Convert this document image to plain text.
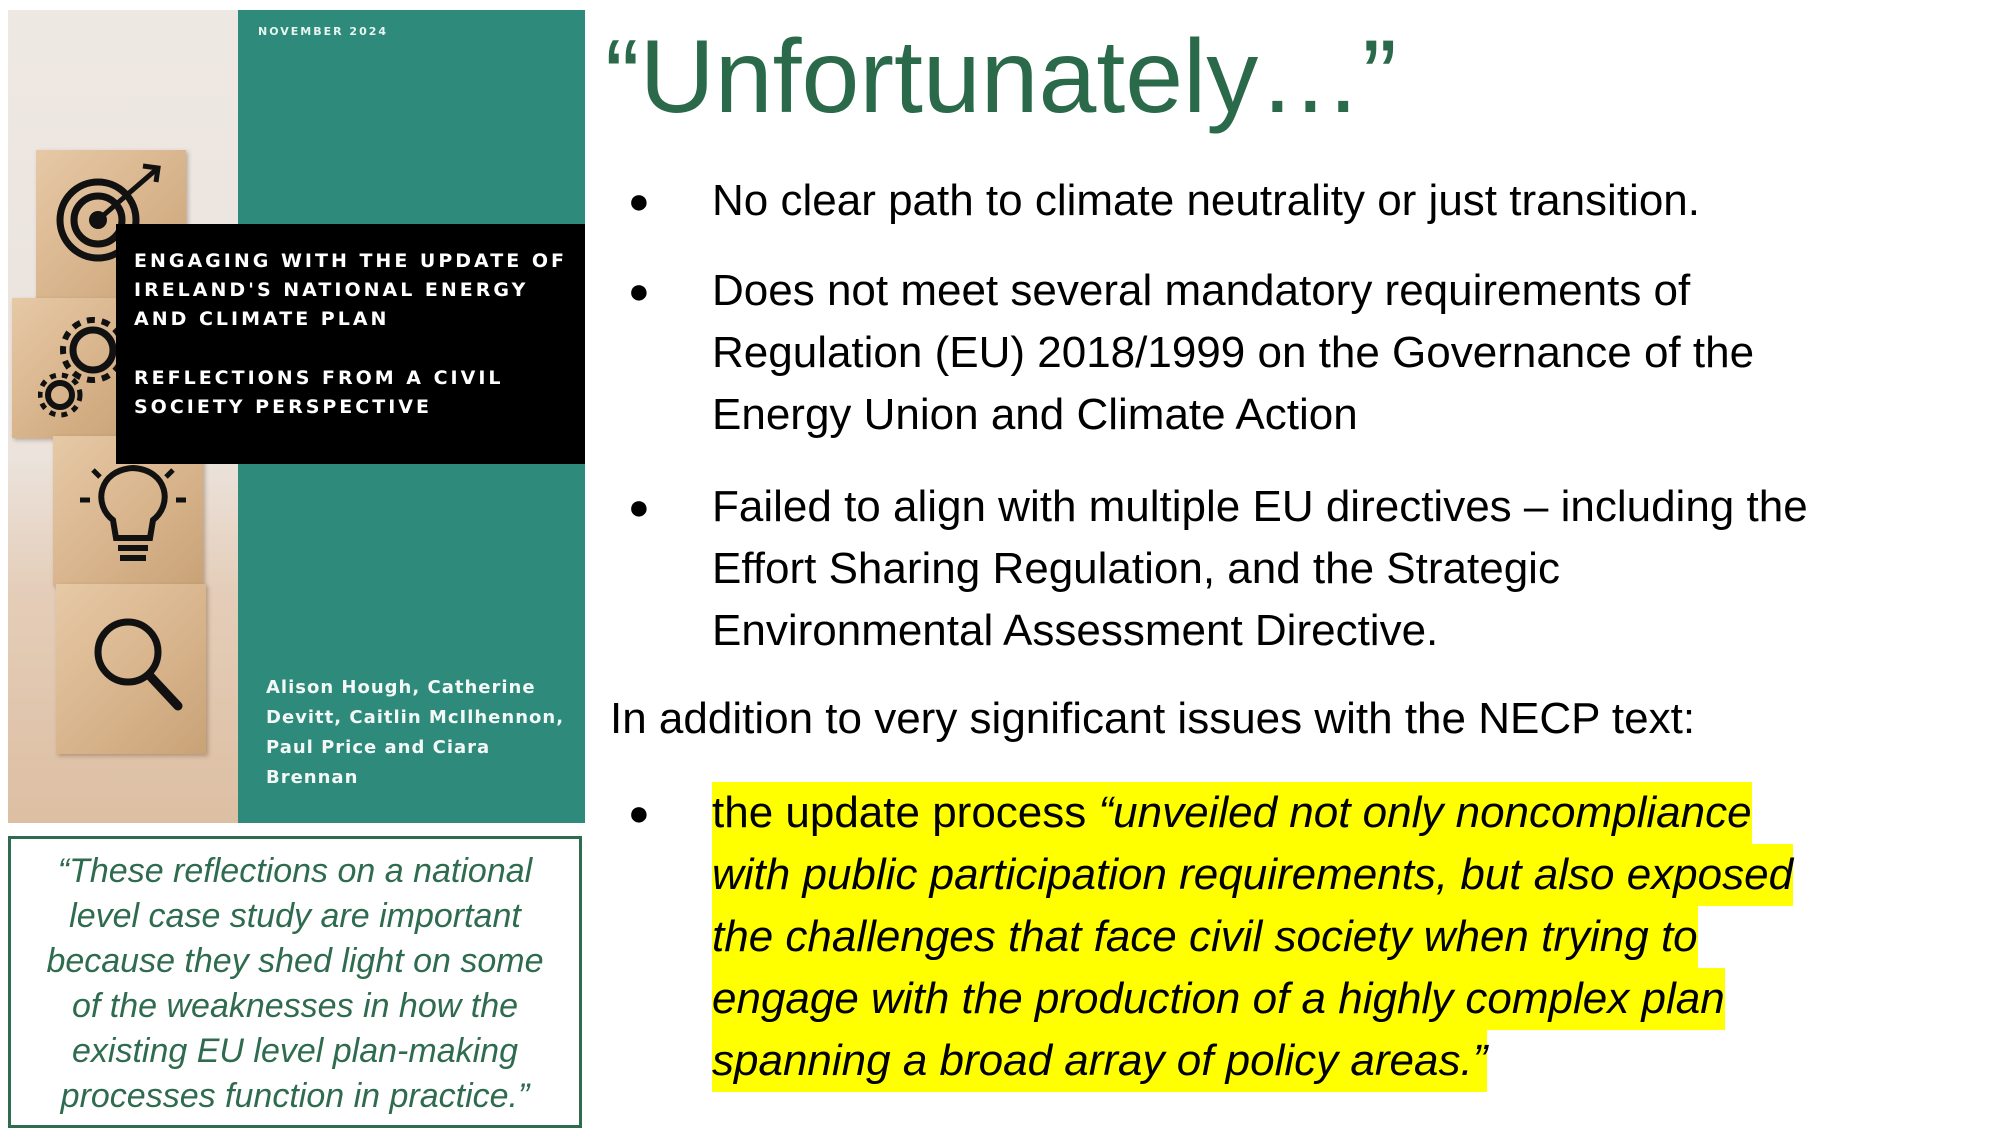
NOVEMBER 2024
ENGAGING WITH THE UPDATE OF
IRELAND'S NATIONAL ENERGY
AND CLIMATE PLAN
REFLECTIONS FROM A CIVIL
SOCIETY PERSPECTIVE
Alison Hough, Catherine
Devitt, Caitlin McIlhennon,
Paul Price and Ciara
Brennan
“These reflections on a national
level case study are important
because they shed light on some
of the weaknesses in how the
existing EU level plan-making
processes function in practice.”
“Unfortunately…”
● No clear path to climate neutrality or just transition.
● Does not meet several mandatory requirements of
Regulation (EU) 2018/1999 on the Governance of the
Energy Union and Climate Action
● Failed to align with multiple EU directives – including the
Effort Sharing Regulation, and the Strategic
Environmental Assessment Directive.
In addition to very significant issues with the NECP text:
● the update process “unveiled not only noncompliance
with public participation requirements, but also exposed
the challenges that face civil society when trying to
engage with the production of a highly complex plan
spanning a broad array of policy areas.”
